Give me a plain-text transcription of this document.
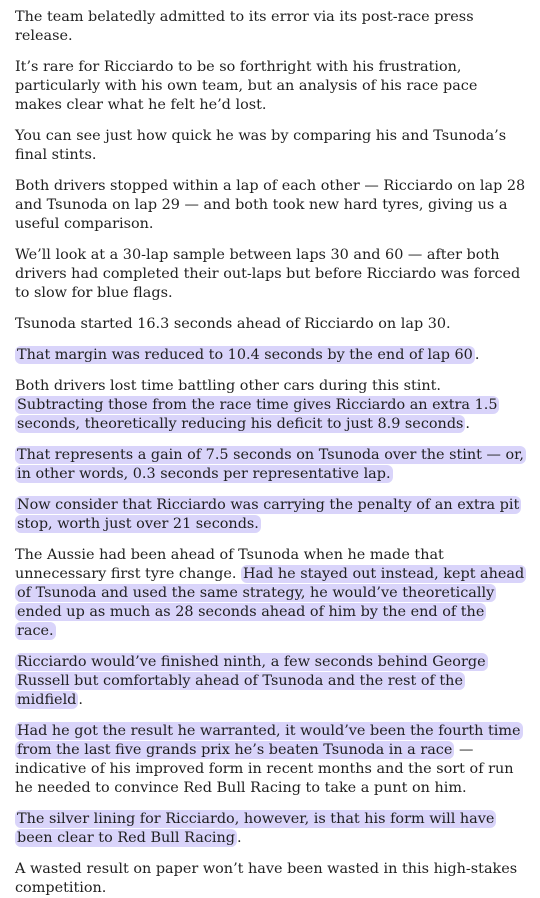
The team belatedly admitted to its error via its post-race press release.

It’s rare for Ricciardo to be so forthright with his frustration, particularly with his own team, but an analysis of his race pace makes clear what he felt he’d lost.

You can see just how quick he was by comparing his and Tsunoda’s final stints.

Both drivers stopped within a lap of each other — Ricciardo on lap 28 and Tsunoda on lap 29 — and both took new hard tyres, giving us a useful comparison.

We’ll look at a 30-lap sample between laps 30 and 60 — after both drivers had completed their out-laps but before Ricciardo was forced to slow for blue flags.

Tsunoda started 16.3 seconds ahead of Ricciardo on lap 30.

That margin was reduced to 10.4 seconds by the end of lap 60 .

Both drivers lost time battling other cars during this stint. Subtracting those from the race time gives Ricciardo an extra 1.5 seconds, theoretically reducing his deficit to just 8.9 seconds .

That represents a gain of 7.5 seconds on Tsunoda over the stint — or, in other words, 0.3 seconds per representative lap.

Now consider that Ricciardo was carrying the penalty of an extra pit stop, worth just over 21 seconds.

The Aussie had been ahead of Tsunoda when he made that unnecessary first tyre change. Had he stayed out instead, kept ahead of Tsunoda and used the same strategy, he would’ve theoretically ended up as much as 28 seconds ahead of him by the end of the race.

Ricciardo would’ve finished ninth, a few seconds behind George Russell but comfortably ahead of Tsunoda and the rest of the midfield .

Had he got the result he warranted, it would’ve been the fourth time from the last five grands prix he’s beaten Tsunoda in a race — indicative of his improved form in recent months and the sort of run he needed to convince Red Bull Racing to take a punt on him.

The silver lining for Ricciardo, however, is that his form will have been clear to Red Bull Racing .

A wasted result on paper won’t have been wasted in this high-stakes competition.
